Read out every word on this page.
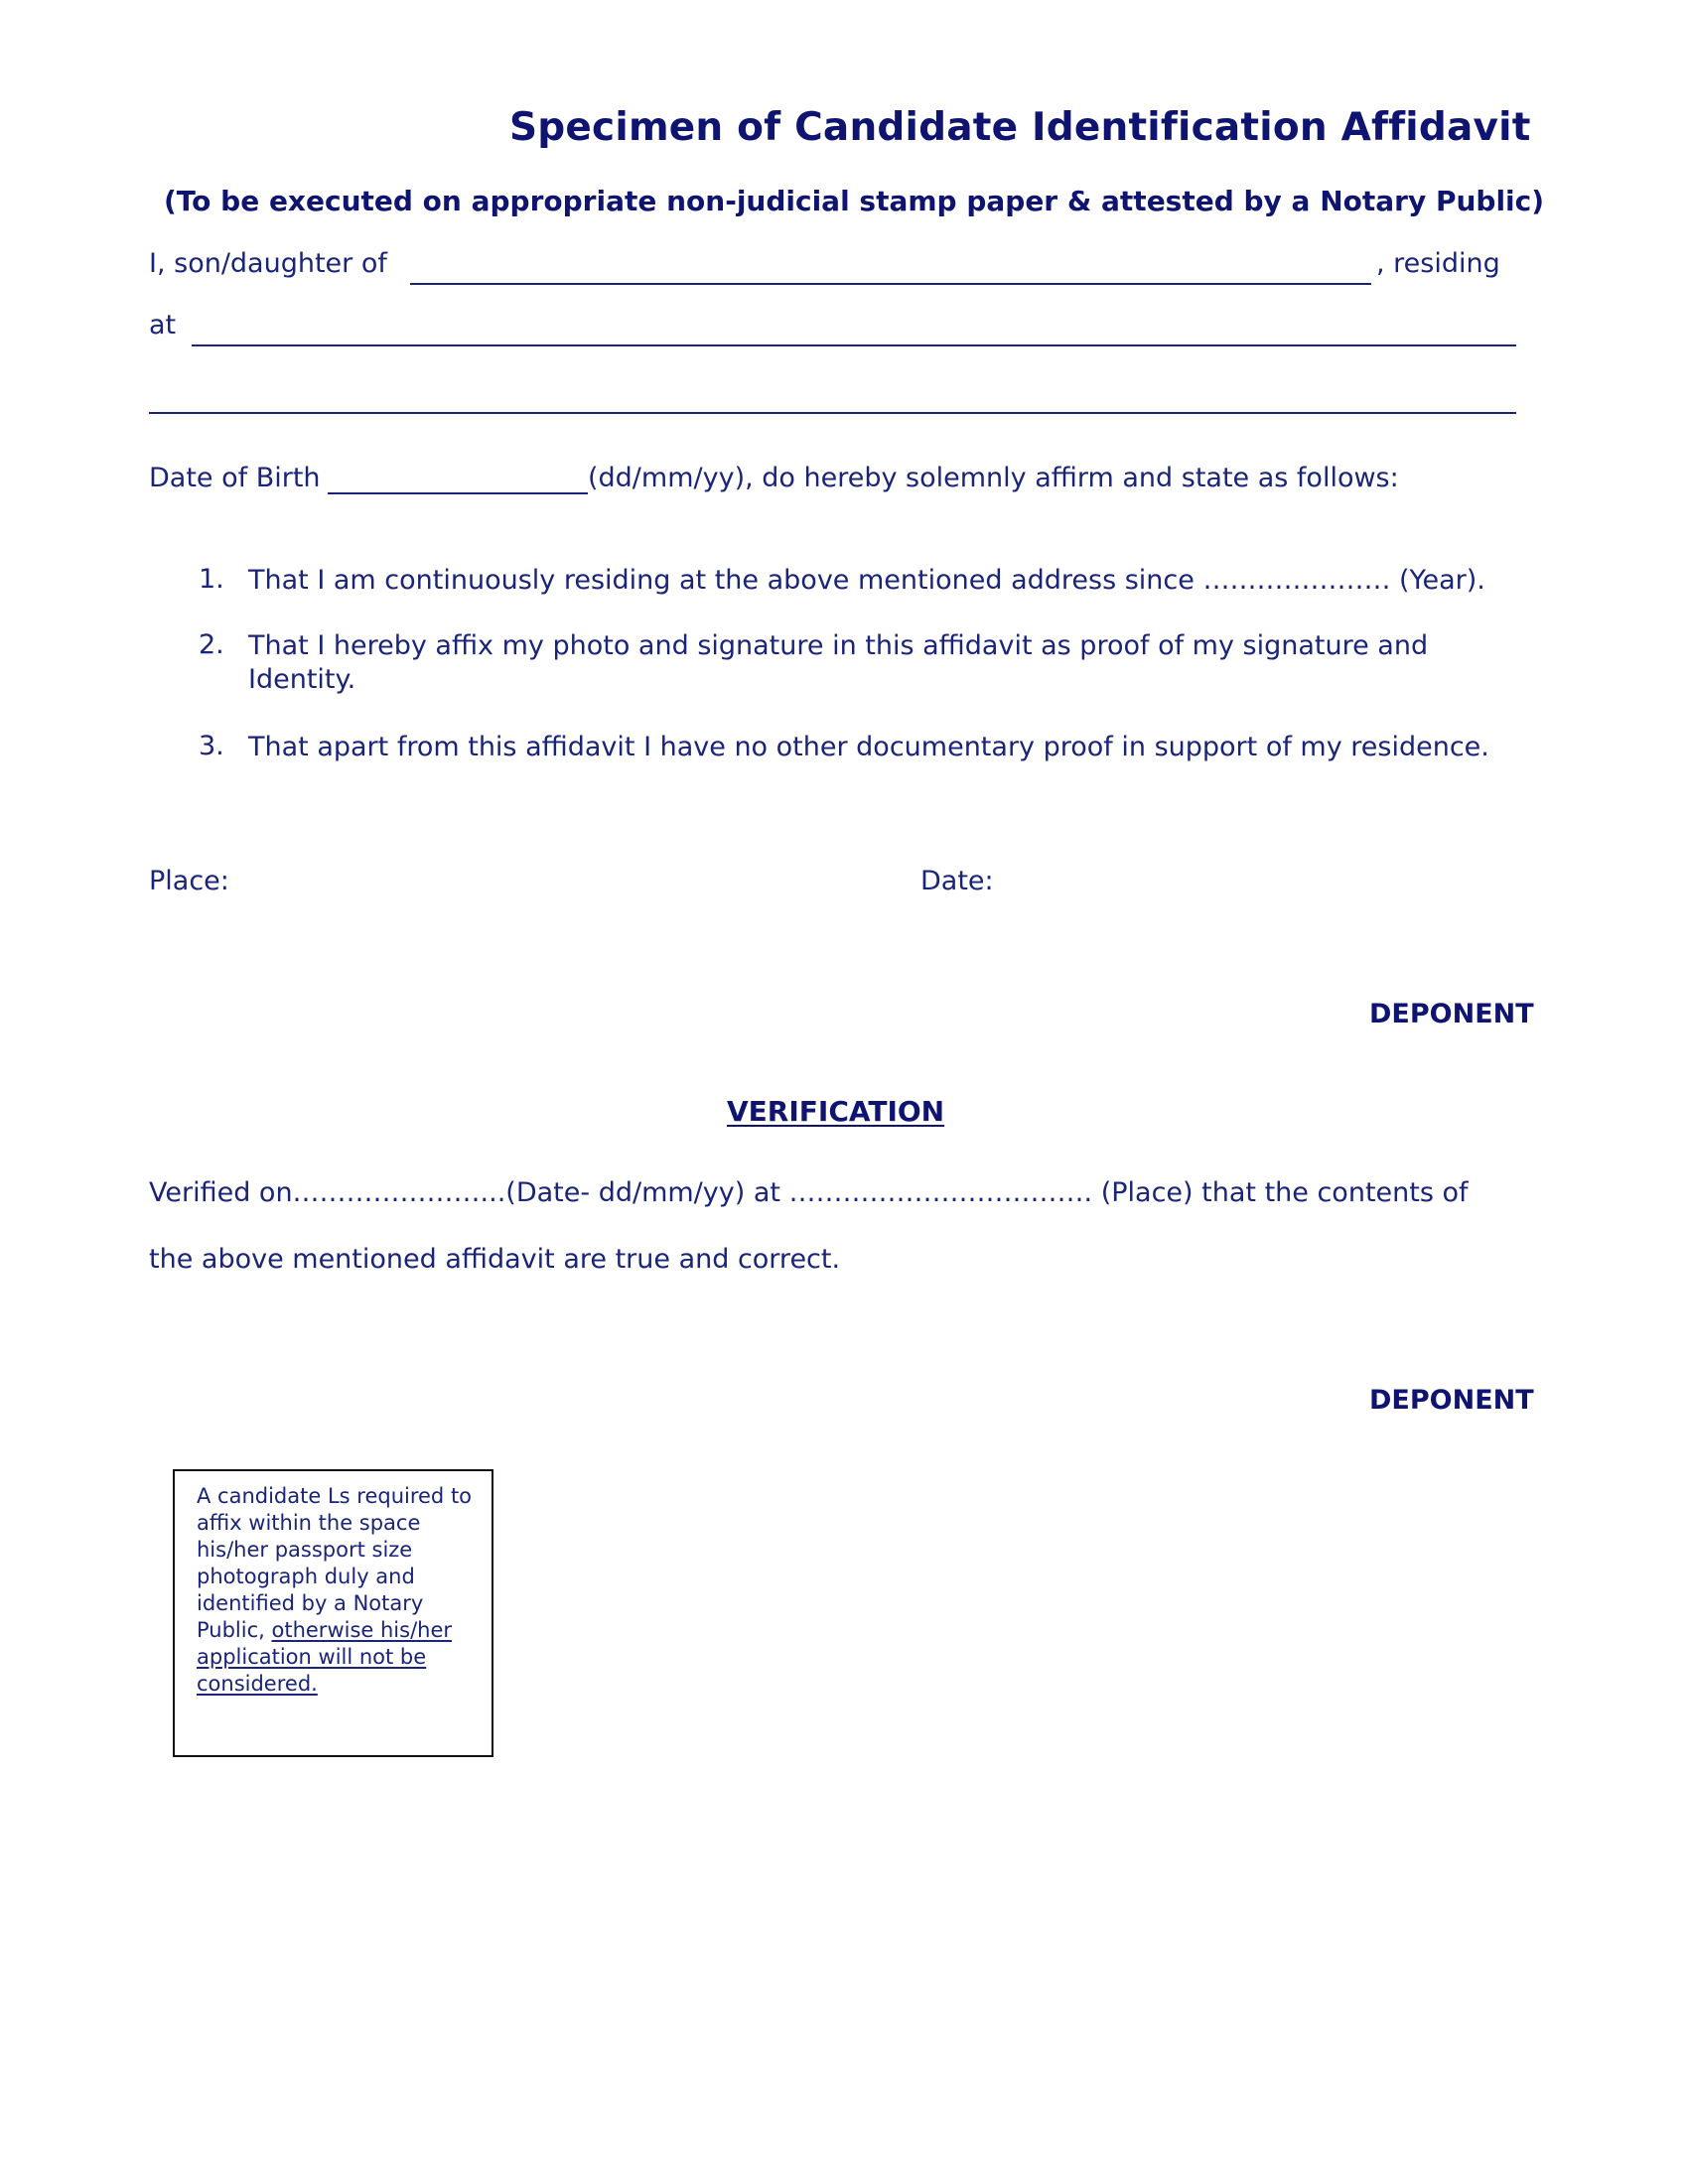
Specimen of Candidate Identification Affidavit
(To be executed on appropriate non-judicial stamp paper & attested by a Notary Public)
I, son/daughter of	, residing
at
Date of Birth	(dd/mm/yy), do hereby solemnly affirm and state as follows:
1. That I am continuously residing at the above mentioned address since ………………… (Year).
2. That I hereby affix my photo and signature in this affidavit as proof of my signature and Identity.
3. That apart from this affidavit I have no other documentary proof in support of my residence.
Place:	Date:
DEPONENT
VERIFICATION
Verified on…………………...(Date- dd/mm/yy) at ……………………………. (Place) that the contents of
the above mentioned affidavit are true and correct.
DEPONENT
A candidate Ls required to affix within the space his/her passport size photograph duly and identified by a Notary Public, otherwise his/her application will not be considered.
